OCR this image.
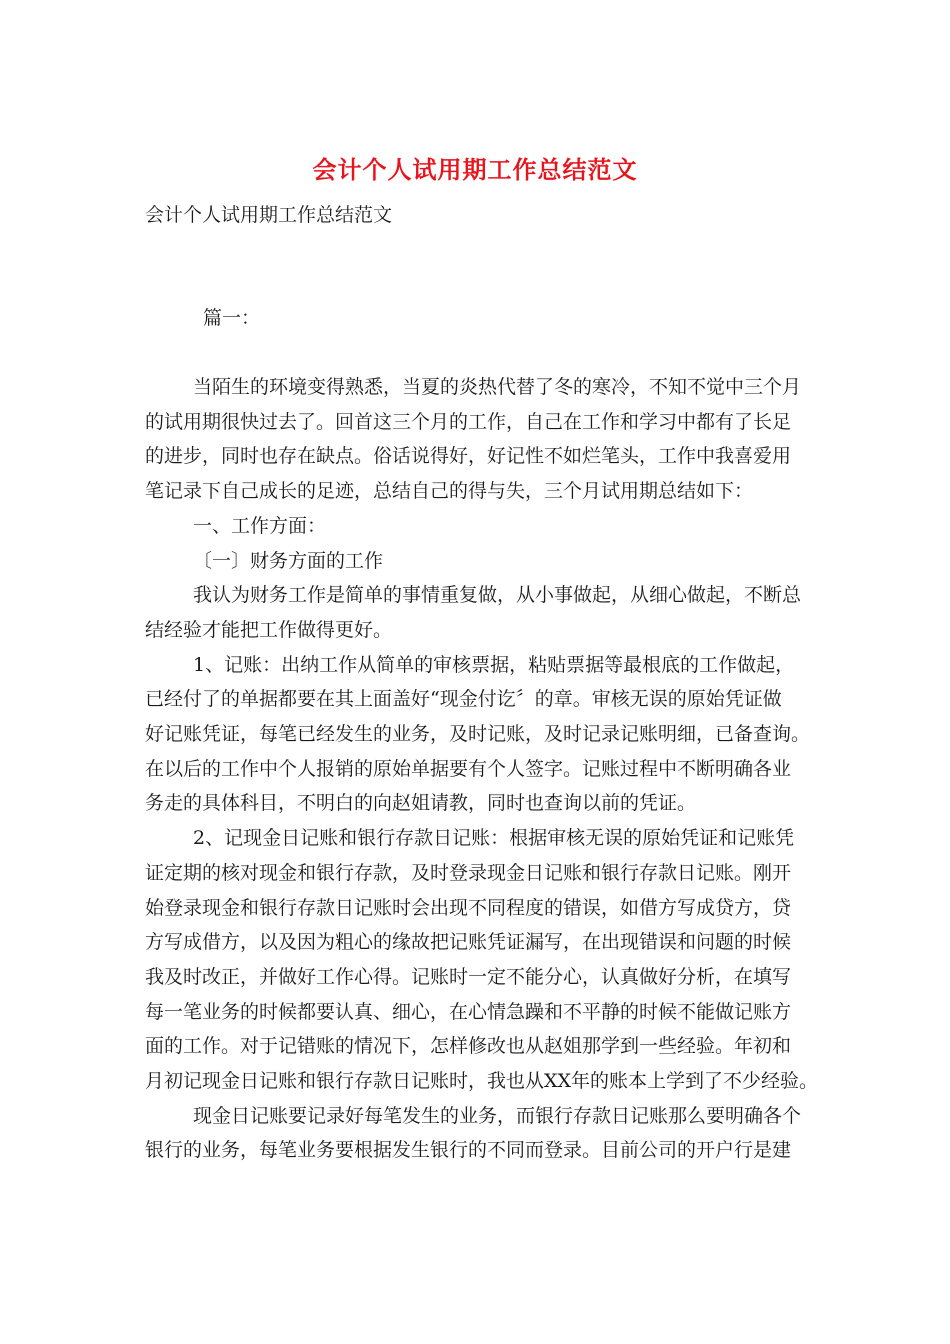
会计个人试用期工作总结范文
会计个人试用期工作总结范文
篇一：
当陌生的环境变得熟悉，当夏的炎热代替了冬的寒冷，不知不觉中三个月
的试用期很快过去了。回首这三个月的工作，自己在工作和学习中都有了长足
的进步，同时也存在缺点。俗话说得好，好记性不如烂笔头，工作中我喜爱用
笔记录下自己成长的足迹，总结自己的得与失，三个月试用期总结如下：
一、工作方面：
〔一〕财务方面的工作
我认为财务工作是简单的事情重复做，从小事做起，从细心做起，不断总
结经验才能把工作做得更好。
1、记账：出纳工作从简单的审核票据，粘贴票据等最根底的工作做起，
已经付了的单据都要在其上面盖好“现金付讫〞的章。审核无误的原始凭证做
好记账凭证，每笔已经发生的业务，及时记账，及时记录记账明细，已备查询。
在以后的工作中个人报销的原始单据要有个人签字。记账过程中不断明确各业
务走的具体科目，不明白的向赵姐请教，同时也查询以前的凭证。
2、记现金日记账和银行存款日记账：根据审核无误的原始凭证和记账凭
证定期的核对现金和银行存款，及时登录现金日记账和银行存款日记账。刚开
始登录现金和银行存款日记账时会出现不同程度的错误，如借方写成贷方，贷
方写成借方，以及因为粗心的缘故把记账凭证漏写，在出现错误和问题的时候
我及时改正，并做好工作心得。记账时一定不能分心，认真做好分析，在填写
每一笔业务的时候都要认真、细心，在心情急躁和不平静的时候不能做记账方
面的工作。对于记错账的情况下，怎样修改也从赵姐那学到一些经验。年初和
月初记现金日记账和银行存款日记账时，我也从XX年的账本上学到了不少经验。
现金日记账要记录好每笔发生的业务，而银行存款日记账那么要明确各个
银行的业务，每笔业务要根据发生银行的不同而登录。目前公司的开户行是建
